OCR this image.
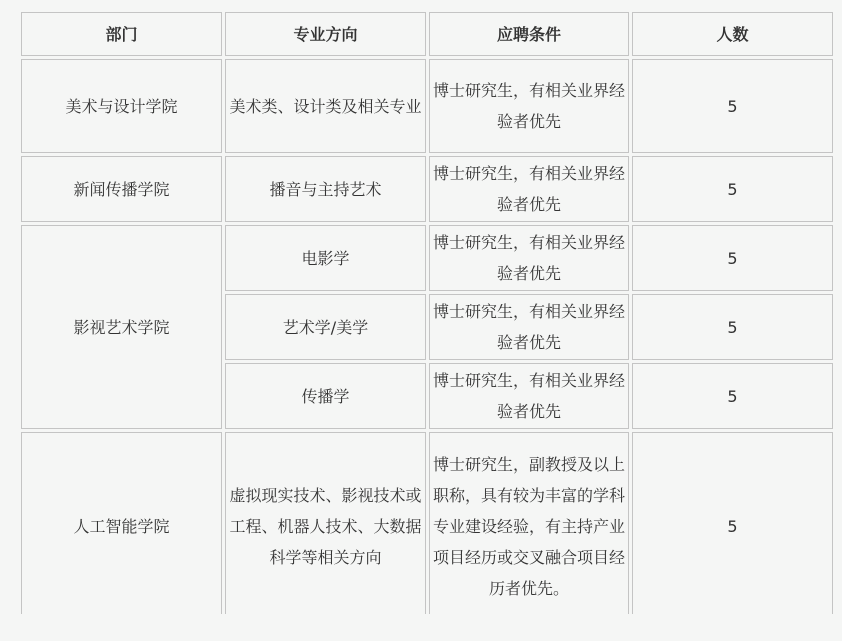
部门	专业方向	应聘条件	人数
美术与设计学院	美术类、设计类及相关专业	博士研究生，有相关业界经验者优先	5
新闻传播学院	播音与主持艺术	博士研究生，有相关业界经验者优先	5
影视艺术学院	电影学	博士研究生，有相关业界经验者优先	5
	艺术学/美学	博士研究生，有相关业界经验者优先	5
	传播学	博士研究生，有相关业界经验者优先	5
人工智能学院	虚拟现实技术、影视技术或工程、机器人技术、大数据科学等相关方向	博士研究生，副教授及以上职称，具有较为丰富的学科专业建设经验，有主持产业项目经历或交叉融合项目经历者优先。	5
